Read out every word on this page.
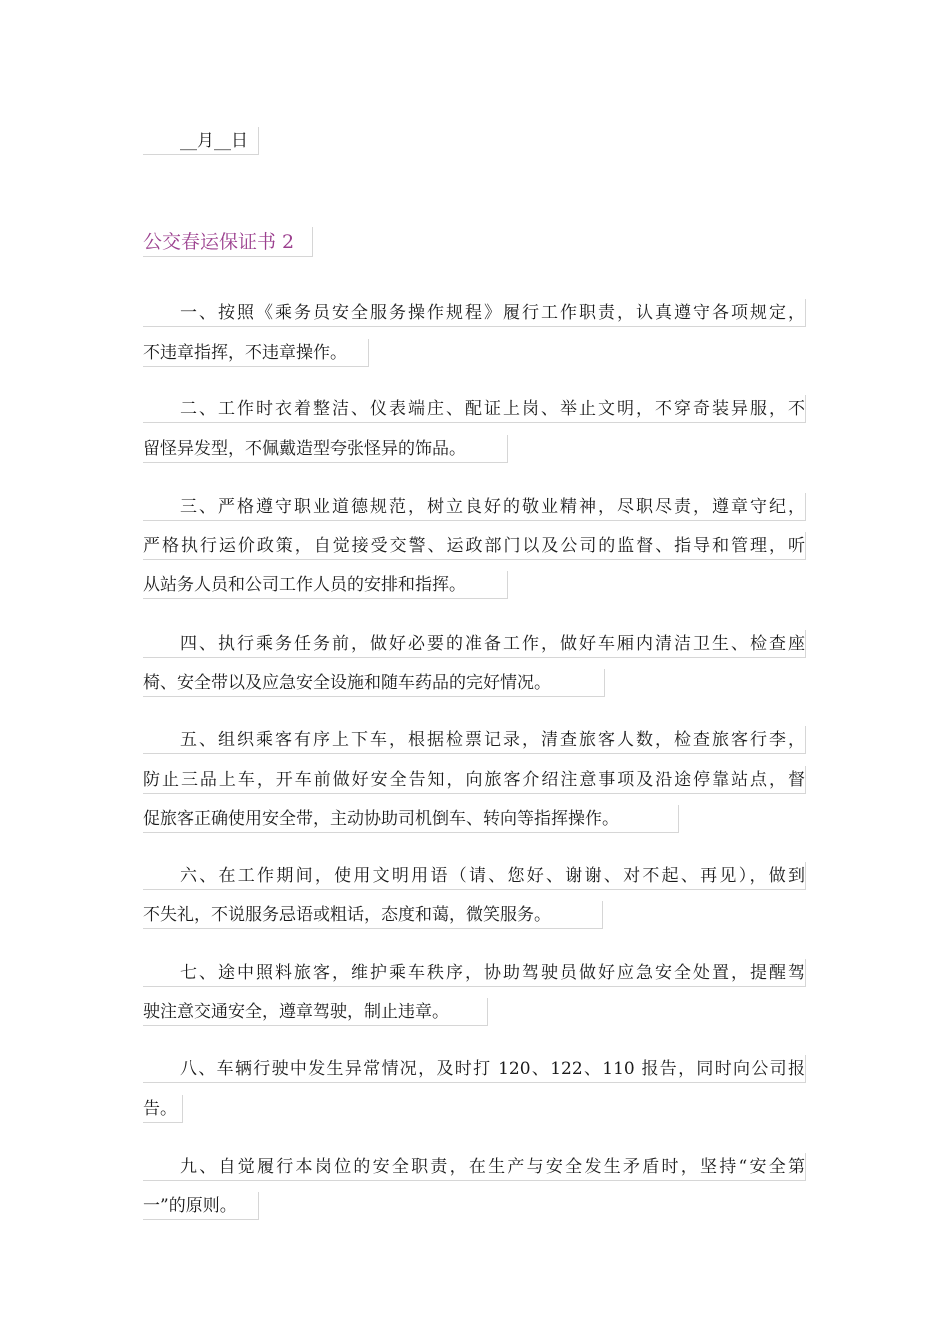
__月__日
公交春运保证书 2
一、按照《乘务员安全服务操作规程》履行工作职责，认真遵守各项规定，
不违章指挥，不违章操作。
二、工作时衣着整洁、仪表端庄、配证上岗、举止文明，不穿奇装异服，不
留怪异发型，不佩戴造型夸张怪异的饰品。
三、严格遵守职业道德规范，树立良好的敬业精神，尽职尽责，遵章守纪，
严格执行运价政策，自觉接受交警、运政部门以及公司的监督、指导和管理，听
从站务人员和公司工作人员的安排和指挥。
四、执行乘务任务前，做好必要的准备工作，做好车厢内清洁卫生、检查座
椅、安全带以及应急安全设施和随车药品的完好情况。
五、组织乘客有序上下车，根据检票记录，清查旅客人数，检查旅客行李，
防止三品上车，开车前做好安全告知，向旅客介绍注意事项及沿途停靠站点，督
促旅客正确使用安全带，主动协助司机倒车、转向等指挥操作。
六、在工作期间，使用文明用语（请、您好、谢谢、对不起、再见），做到
不失礼，不说服务忌语或粗话，态度和蔼，微笑服务。
七、途中照料旅客，维护乘车秩序，协助驾驶员做好应急安全处置，提醒驾
驶注意交通安全，遵章驾驶，制止违章。
八、车辆行驶中发生异常情况，及时打 120、122、110 报告，同时向公司报
告。
九、自觉履行本岗位的安全职责，在生产与安全发生矛盾时，坚持“安全第
一”的原则。
